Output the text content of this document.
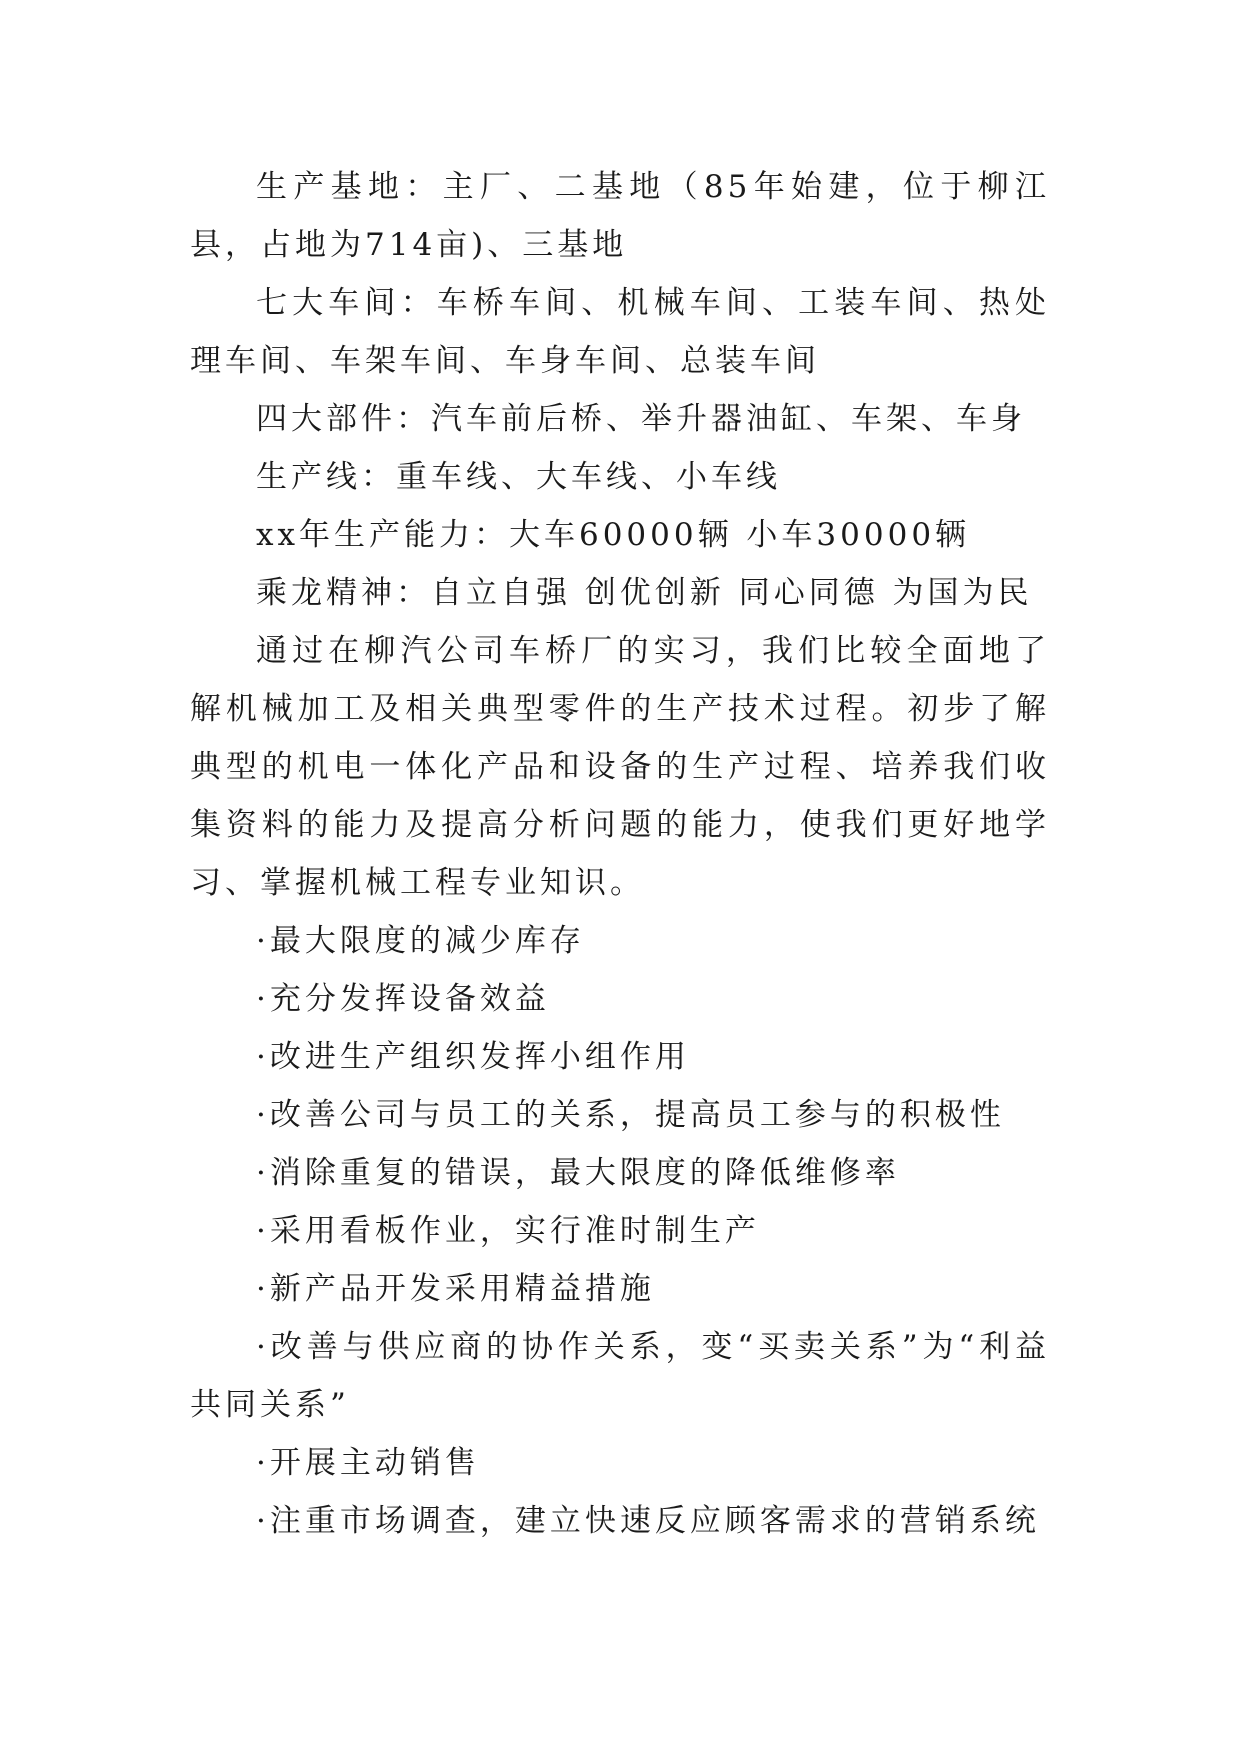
生产基地：主厂、二基地（85年始建，位于柳江县，占地为714亩)、三基地

七大车间：车桥车间、机械车间、工装车间、热处理车间、车架车间、车身车间、总装车间

四大部件：汽车前后桥、举升器油缸、车架、车身

生产线：重车线、大车线、小车线

xx年生产能力：大车60000辆 小车30000辆

乘龙精神：自立自强 创优创新 同心同德 为国为民

通过在柳汽公司车桥厂的实习，我们比较全面地了解机械加工及相关典型零件的生产技术过程。初步了解典型的机电一体化产品和设备的生产过程、培养我们收集资料的能力及提高分析问题的能力，使我们更好地学习、掌握机械工程专业知识。

·最大限度的减少库存

·充分发挥设备效益

·改进生产组织发挥小组作用

·改善公司与员工的关系，提高员工参与的积极性

·消除重复的错误，最大限度的降低维修率

·采用看板作业，实行准时制生产

·新产品开发采用精益措施

·改善与供应商的协作关系，变“买卖关系”为“利益共同关系”

·开展主动销售

·注重市场调查，建立快速反应顾客需求的营销系统
